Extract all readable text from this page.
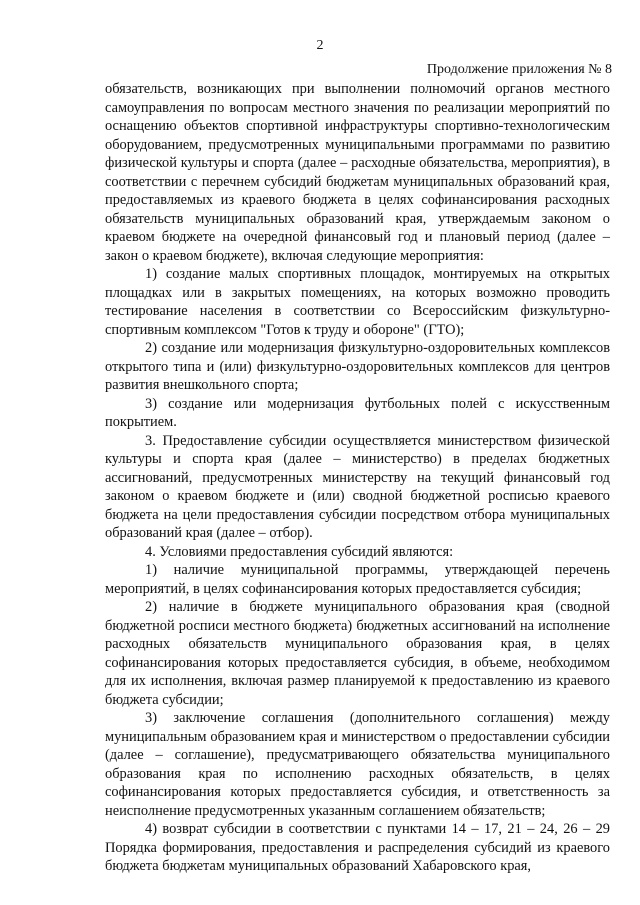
2
Продолжение приложения № 8

обязательств, возникающих при выполнении полномочий органов местного самоуправления по вопросам местного значения по реализации мероприятий по оснащению объектов спортивной инфраструктуры спортивно-технологическим оборудованием, предусмотренных муниципальными программами по развитию физической культуры и спорта (далее – расходные обязательства, мероприятия), в соответствии с перечнем субсидий бюджетам муниципальных образований края, предоставляемых из краевого бюджета в целях софинансирования расходных обязательств муниципальных образований края, утверждаемым законом о краевом бюджете на очередной финансовый год и плановый период (далее – закон о краевом бюджете), включая следующие мероприятия:

1) создание малых спортивных площадок, монтируемых на открытых площадках или в закрытых помещениях, на которых возможно проводить тестирование населения в соответствии со Всероссийским физкультурно-спортивным комплексом "Готов к труду и обороне" (ГТО);

2) создание или модернизация физкультурно-оздоровительных комплексов открытого типа и (или) физкультурно-оздоровительных комплексов для центров развития внешкольного спорта;

3) создание или модернизация футбольных полей с искусственным покрытием.

3. Предоставление субсидии осуществляется министерством физической культуры и спорта края (далее – министерство) в пределах бюджетных ассигнований, предусмотренных министерству на текущий финансовый год законом о краевом бюджете и (или) сводной бюджетной росписью краевого бюджета на цели предоставления субсидии посредством отбора муниципальных образований края (далее – отбор).

4. Условиями предоставления субсидий являются:

1) наличие муниципальной программы, утверждающей перечень мероприятий, в целях софинансирования которых предоставляется субсидия;

2) наличие в бюджете муниципального образования края (сводной бюджетной росписи местного бюджета) бюджетных ассигнований на исполнение расходных обязательств муниципального образования края, в целях софинансирования которых предоставляется субсидия, в объеме, необходимом для их исполнения, включая размер планируемой к предоставлению из краевого бюджета субсидии;

3) заключение соглашения (дополнительного соглашения) между муниципальным образованием края и министерством о предоставлении субсидии (далее – соглашение), предусматривающего обязательства муниципального образования края по исполнению расходных обязательств, в целях софинансирования которых предоставляется субсидия, и ответственность за неисполнение предусмотренных указанным соглашением обязательств;

4) возврат субсидии в соответствии с пунктами 14 – 17, 21 – 24, 26 – 29 Порядка формирования, предоставления и распределения субсидий из краевого бюджета бюджетам муниципальных образований Хабаровского края,
